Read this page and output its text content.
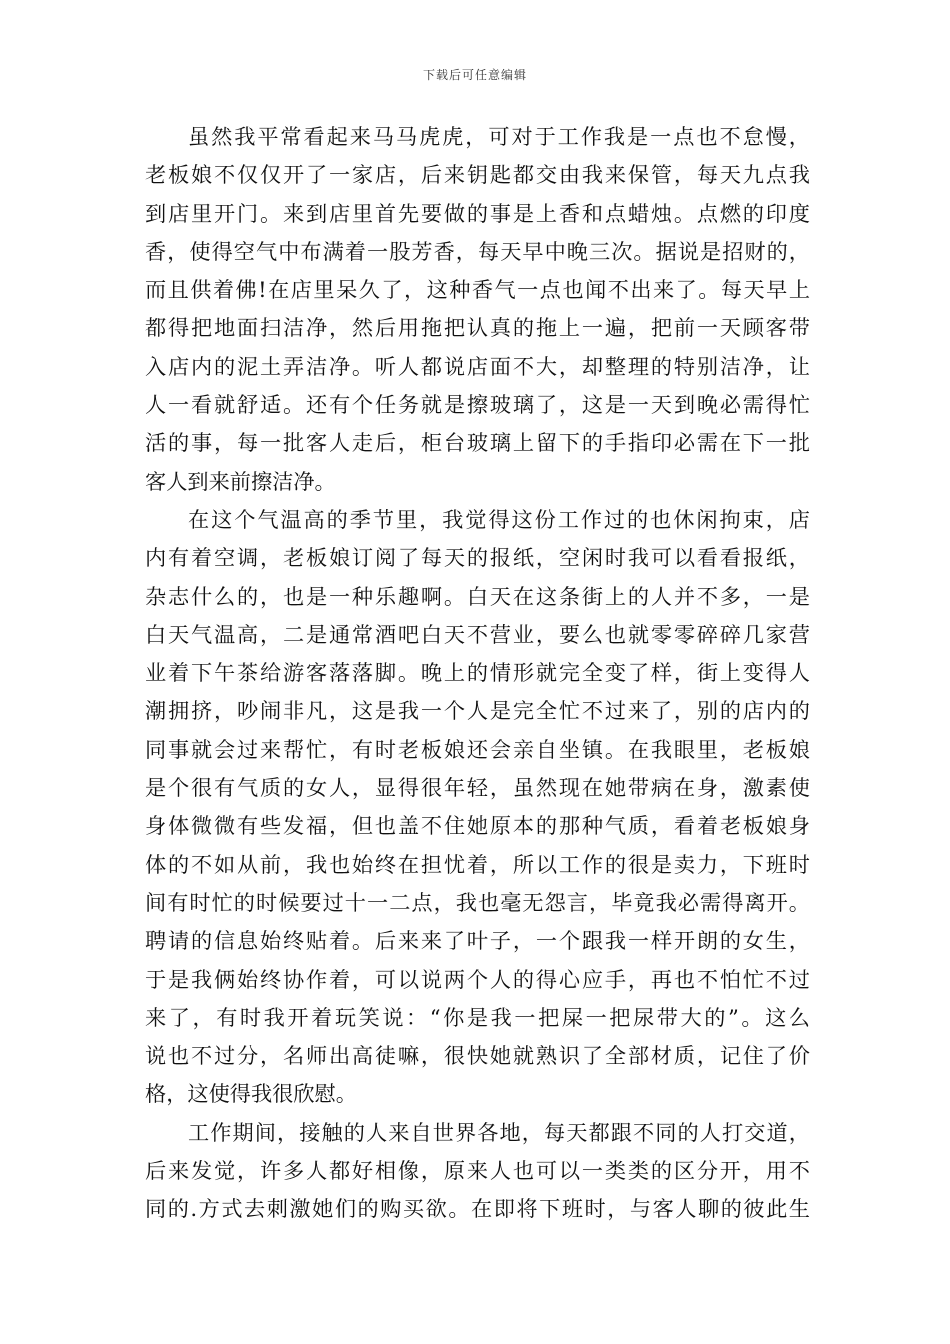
下载后可任意编辑
虽然我平常看起来马马虎虎，可对于工作我是一点也不怠慢，
老板娘不仅仅开了一家店，后来钥匙都交由我来保管，每天九点我
到店里开门。来到店里首先要做的事是上香和点蜡烛。点燃的印度
香，使得空气中布满着一股芳香，每天早中晚三次。据说是招财的，
而且供着佛!在店里呆久了，这种香气一点也闻不出来了。每天早上
都得把地面扫洁净，然后用拖把认真的拖上一遍，把前一天顾客带
入店内的泥土弄洁净。听人都说店面不大，却整理的特别洁净，让
人一看就舒适。还有个任务就是擦玻璃了，这是一天到晚必需得忙
活的事，每一批客人走后，柜台玻璃上留下的手指印必需在下一批
客人到来前擦洁净。
在这个气温高的季节里，我觉得这份工作过的也休闲拘束，店
内有着空调，老板娘订阅了每天的报纸，空闲时我可以看看报纸，
杂志什么的，也是一种乐趣啊。白天在这条街上的人并不多，一是
白天气温高，二是通常酒吧白天不营业，要么也就零零碎碎几家营
业着下午茶给游客落落脚。晚上的情形就完全变了样，街上变得人
潮拥挤，吵闹非凡，这是我一个人是完全忙不过来了，别的店内的
同事就会过来帮忙，有时老板娘还会亲自坐镇。在我眼里，老板娘
是个很有气质的女人，显得很年轻，虽然现在她带病在身，激素使
身体微微有些发福，但也盖不住她原本的那种气质，看着老板娘身
体的不如从前，我也始终在担忧着，所以工作的很是卖力，下班时
间有时忙的时候要过十一二点，我也毫无怨言，毕竟我必需得离开。
聘请的信息始终贴着。后来来了叶子，一个跟我一样开朗的女生，
于是我俩始终协作着，可以说两个人的得心应手，再也不怕忙不过
来了，有时我开着玩笑说：“你是我一把屎一把尿带大的”。这么
说也不过分，名师出高徒嘛，很快她就熟识了全部材质，记住了价
格，这使得我很欣慰。
工作期间，接触的人来自世界各地，每天都跟不同的人打交道，
后来发觉，许多人都好相像，原来人也可以一类类的区分开，用不
同的.方式去刺激她们的购买欲。在即将下班时，与客人聊的彼此生
